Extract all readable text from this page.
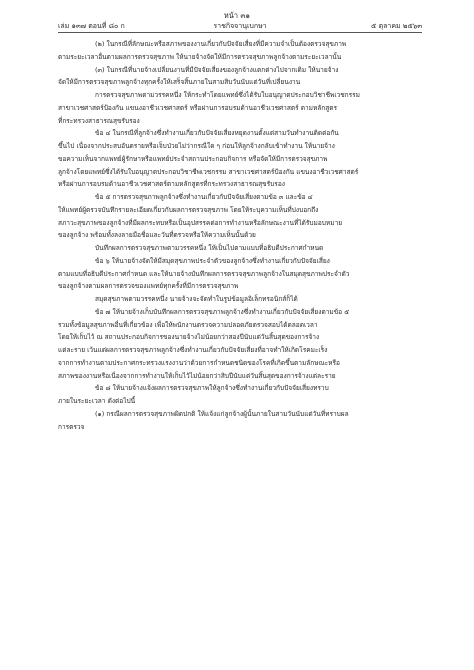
หน้า ๓๑
เล่ม ๑๓๗ ตอนที่ ๘๐ ก	ราชกิจจานุเบกษา	๕ ตุลาคม ๒๕๖๓

(๒) ในกรณีที่ลักษณะหรือสภาพของงานเกี่ยวกับปัจจัยเสี่ยงที่มีความจำเป็นต้องตรวจสุขภาพ

ตามระยะเวลาอื่นตามผลการตรวจสุขภาพ ให้นายจ้างจัดให้มีการตรวจสุขภาพลูกจ้างตามระยะเวลานั้น

(๓) ในกรณีที่นายจ้างเปลี่ยนงานที่มีปัจจัยเสี่ยงของลูกจ้างแตกต่างไปจากเดิม ให้นายจ้าง

จัดให้มีการตรวจสุขภาพลูกจ้างทุกครั้งให้เสร็จสิ้นภายในสามสิบวันนับแต่วันที่เปลี่ยนงาน

การตรวจสุขภาพตามวรรคหนึ่ง ให้กระทำโดยแพทย์ซึ่งได้รับใบอนุญาตประกอบวิชาชีพเวชกรรม

สาขาเวชศาสตร์ป้องกัน แขนงอาชีวเวชศาสตร์ หรือผ่านการอบรมด้านอาชีวเวชศาสตร์ ตามหลักสูตร

ที่กระทรวงสาธารณสุขรับรอง

ข้อ ๔ ในกรณีที่ลูกจ้างซึ่งทำงานเกี่ยวกับปัจจัยเสี่ยงหยุดงานตั้งแต่สามวันทำงานติดต่อกัน

ขึ้นไป เนื่องจากประสบอันตรายหรือเจ็บป่วยไม่ว่ากรณีใด ๆ ก่อนให้ลูกจ้างกลับเข้าทำงาน ให้นายจ้าง

ขอความเห็นจากแพทย์ผู้รักษาหรือแพทย์ประจำสถานประกอบกิจการ หรือจัดให้มีการตรวจสุขภาพ

ลูกจ้างโดยแพทย์ซึ่งได้รับใบอนุญาตประกอบวิชาชีพเวชกรรม สาขาเวชศาสตร์ป้องกัน แขนงอาชีวเวชศาสตร์

หรือผ่านการอบรมด้านอาชีวเวชศาสตร์ตามหลักสูตรที่กระทรวงสาธารณสุขรับรอง

ข้อ ๕ การตรวจสุขภาพลูกจ้างซึ่งทำงานเกี่ยวกับปัจจัยเสี่ยงตามข้อ ๓ และข้อ ๔

ให้แพทย์ผู้ตรวจบันทึกรายละเอียดเกี่ยวกับผลการตรวจสุขภาพ โดยให้ระบุความเห็นที่บ่งบอกถึง

สภาวะสุขภาพของลูกจ้างที่มีผลกระทบหรือเป็นอุปสรรคต่อการทำงานหรือลักษณะงานที่ได้รับมอบหมาย

ของลูกจ้าง พร้อมทั้งลงลายมือชื่อและวันที่ตรวจหรือให้ความเห็นนั้นด้วย

บันทึกผลการตรวจสุขภาพตามวรรคหนึ่ง ให้เป็นไปตามแบบที่อธิบดีประกาศกำหนด

ข้อ ๖ ให้นายจ้างจัดให้มีสมุดสุขภาพประจำตัวของลูกจ้างซึ่งทำงานเกี่ยวกับปัจจัยเสี่ยง

ตามแบบที่อธิบดีประกาศกำหนด และให้นายจ้างบันทึกผลการตรวจสุขภาพลูกจ้างในสมุดสุขภาพประจำตัว

ของลูกจ้างตามผลการตรวจของแพทย์ทุกครั้งที่มีการตรวจสุขภาพ

สมุดสุขภาพตามวรรคหนึ่ง นายจ้างจะจัดทำในรูปข้อมูลอิเล็กทรอนิกส์ก็ได้

ข้อ ๗ ให้นายจ้างเก็บบันทึกผลการตรวจสุขภาพลูกจ้างซึ่งทำงานเกี่ยวกับปัจจัยเสี่ยงตามข้อ ๕

รวมทั้งข้อมูลสุขภาพอื่นที่เกี่ยวข้อง เพื่อให้พนักงานตรวจความปลอดภัยตรวจสอบได้ตลอดเวลา

โดยให้เก็บไว้ ณ สถานประกอบกิจการของนายจ้างไม่น้อยกว่าสองปีนับแต่วันสิ้นสุดของการจ้าง

แต่ละราย เว้นแต่ผลการตรวจสุขภาพลูกจ้างซึ่งทำงานเกี่ยวกับปัจจัยเสี่ยงที่อาจทำให้เกิดโรคมะเร็ง

จากการทำงานตามประกาศกระทรวงแรงงานว่าด้วยการกำหนดชนิดของโรคที่เกิดขึ้นตามลักษณะหรือ

สภาพของงานหรือเนื่องจากการทำงานให้เก็บไว้ไม่น้อยกว่าสิบปีนับแต่วันสิ้นสุดของการจ้างแต่ละราย

ข้อ ๘ ให้นายจ้างแจ้งผลการตรวจสุขภาพให้ลูกจ้างซึ่งทำงานเกี่ยวกับปัจจัยเสี่ยงทราบ

ภายในระยะเวลา ดังต่อไปนี้

(๑) กรณีผลการตรวจสุขภาพผิดปกติ ให้แจ้งแก่ลูกจ้างผู้นั้นภายในสามวันนับแต่วันที่ทราบผล

การตรวจ
